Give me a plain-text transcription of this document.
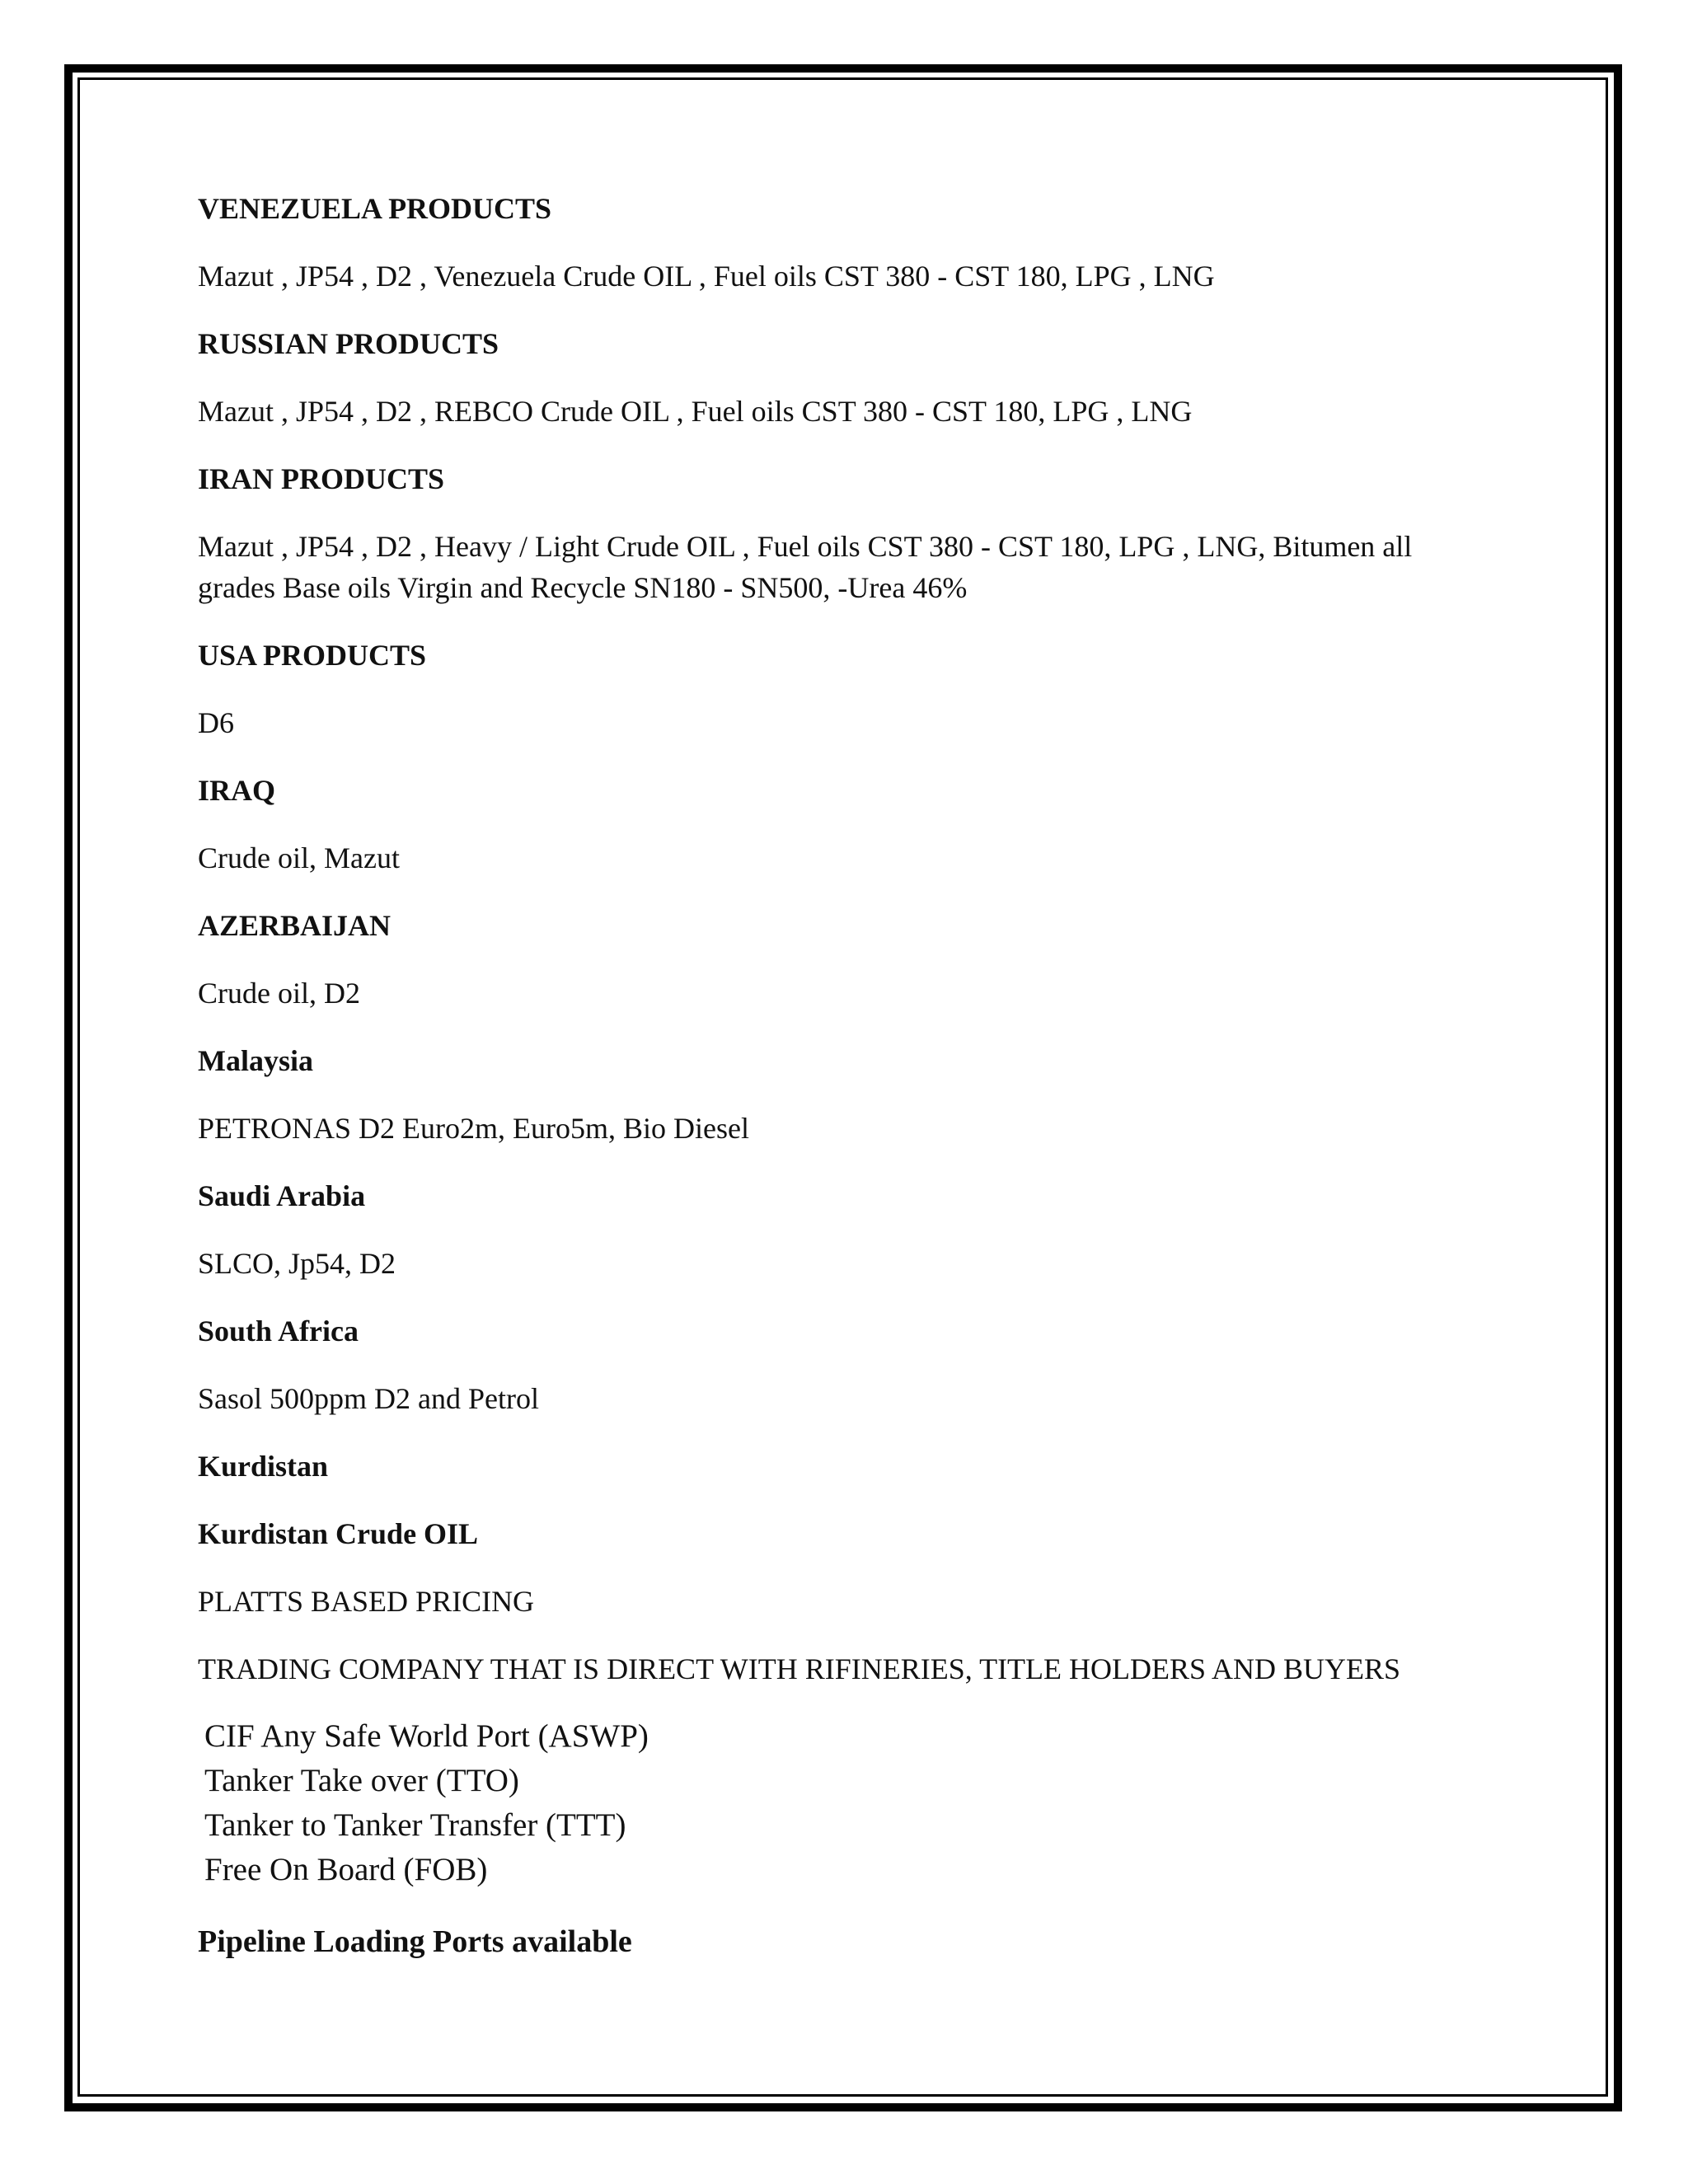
VENEZUELA PRODUCTS
Mazut , JP54 , D2 , Venezuela Crude OIL , Fuel oils CST 380 - CST 180, LPG , LNG
RUSSIAN PRODUCTS
Mazut , JP54 , D2 , REBCO Crude OIL , Fuel oils CST 380 - CST 180, LPG , LNG
IRAN PRODUCTS
Mazut , JP54 , D2 , Heavy / Light Crude OIL , Fuel oils CST 380 - CST 180, LPG , LNG, Bitumen all
grades Base oils Virgin and Recycle SN180 - SN500, -Urea 46%
USA PRODUCTS
D6
IRAQ
Crude oil, Mazut
AZERBAIJAN
Crude oil, D2
Malaysia
PETRONAS D2 Euro2m, Euro5m, Bio Diesel
Saudi Arabia
SLCO, Jp54, D2
South Africa
Sasol 500ppm D2 and Petrol
Kurdistan
Kurdistan Crude OIL
PLATTS BASED PRICING
TRADING COMPANY THAT IS DIRECT WITH RIFINERIES, TITLE HOLDERS AND BUYERS
CIF Any Safe World Port (ASWP)
Tanker Take over (TTO)
Tanker to Tanker Transfer (TTT)
Free On Board (FOB)
Pipeline Loading Ports available
